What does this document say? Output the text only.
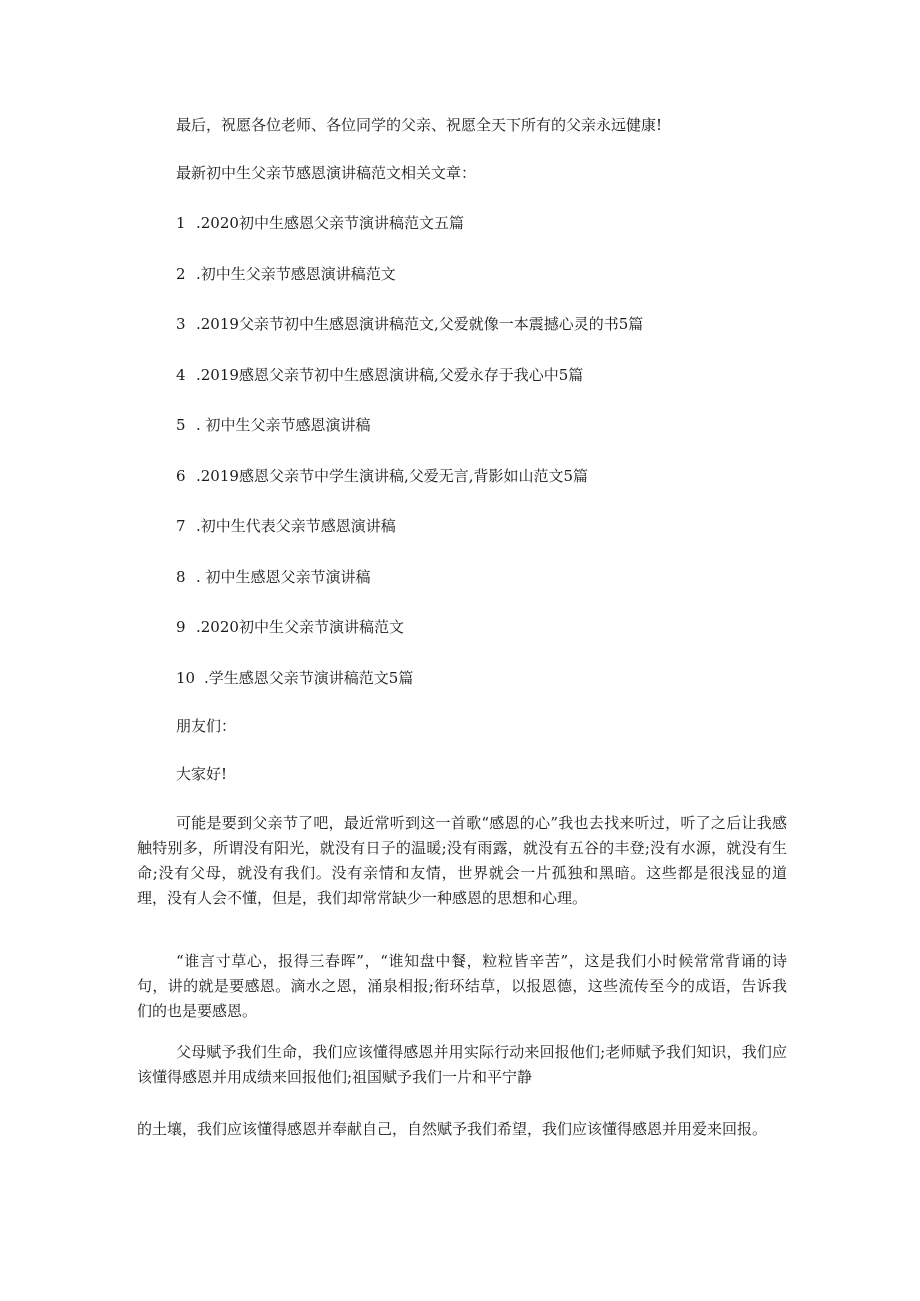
最后，祝愿各位老师、各位同学的父亲、祝愿全天下所有的父亲永远健康!
最新初中生父亲节感恩演讲稿范文相关文章：
1 .2020初中生感恩父亲节演讲稿范文五篇
2 .初中生父亲节感恩演讲稿范文
3 .2019父亲节初中生感恩演讲稿范文,父爱就像一本震撼心灵的书5篇
4 .2019感恩父亲节初中生感恩演讲稿,父爱永存于我心中5篇
5 . 初中生父亲节感恩演讲稿
6 .2019感恩父亲节中学生演讲稿,父爱无言,背影如山范文5篇
7 .初中生代表父亲节感恩演讲稿
8 . 初中生感恩父亲节演讲稿
9 .2020初中生父亲节演讲稿范文
10 .学生感恩父亲节演讲稿范文5篇
朋友们：
大家好!

可能是要到父亲节了吧，最近常听到这一首歌“感恩的心”我也去找来听过，听了之后让我感触特别多，所谓没有阳光，就没有日子的温暖;没有雨露，就没有五谷的丰登;没有水源，就没有生命;没有父母，就没有我们。没有亲情和友情，世界就会一片孤独和黑暗。这些都是很浅显的道理，没有人会不懂，但是，我们却常常缺少一种感恩的思想和心理。

“谁言寸草心，报得三春晖”，“谁知盘中餐，粒粒皆辛苦”，这是我们小时候常常背诵的诗句，讲的就是要感恩。滴水之恩，涌泉相报;衔环结草，以报恩德，这些流传至今的成语，告诉我们的也是要感恩。

父母赋予我们生命，我们应该懂得感恩并用实际行动来回报他们;老师赋予我们知识，我们应该懂得感恩并用成绩来回报他们;祖国赋予我们一片和平宁静

的土壤，我们应该懂得感恩并奉献自己，自然赋予我们希望，我们应该懂得感恩并用爱来回报。
